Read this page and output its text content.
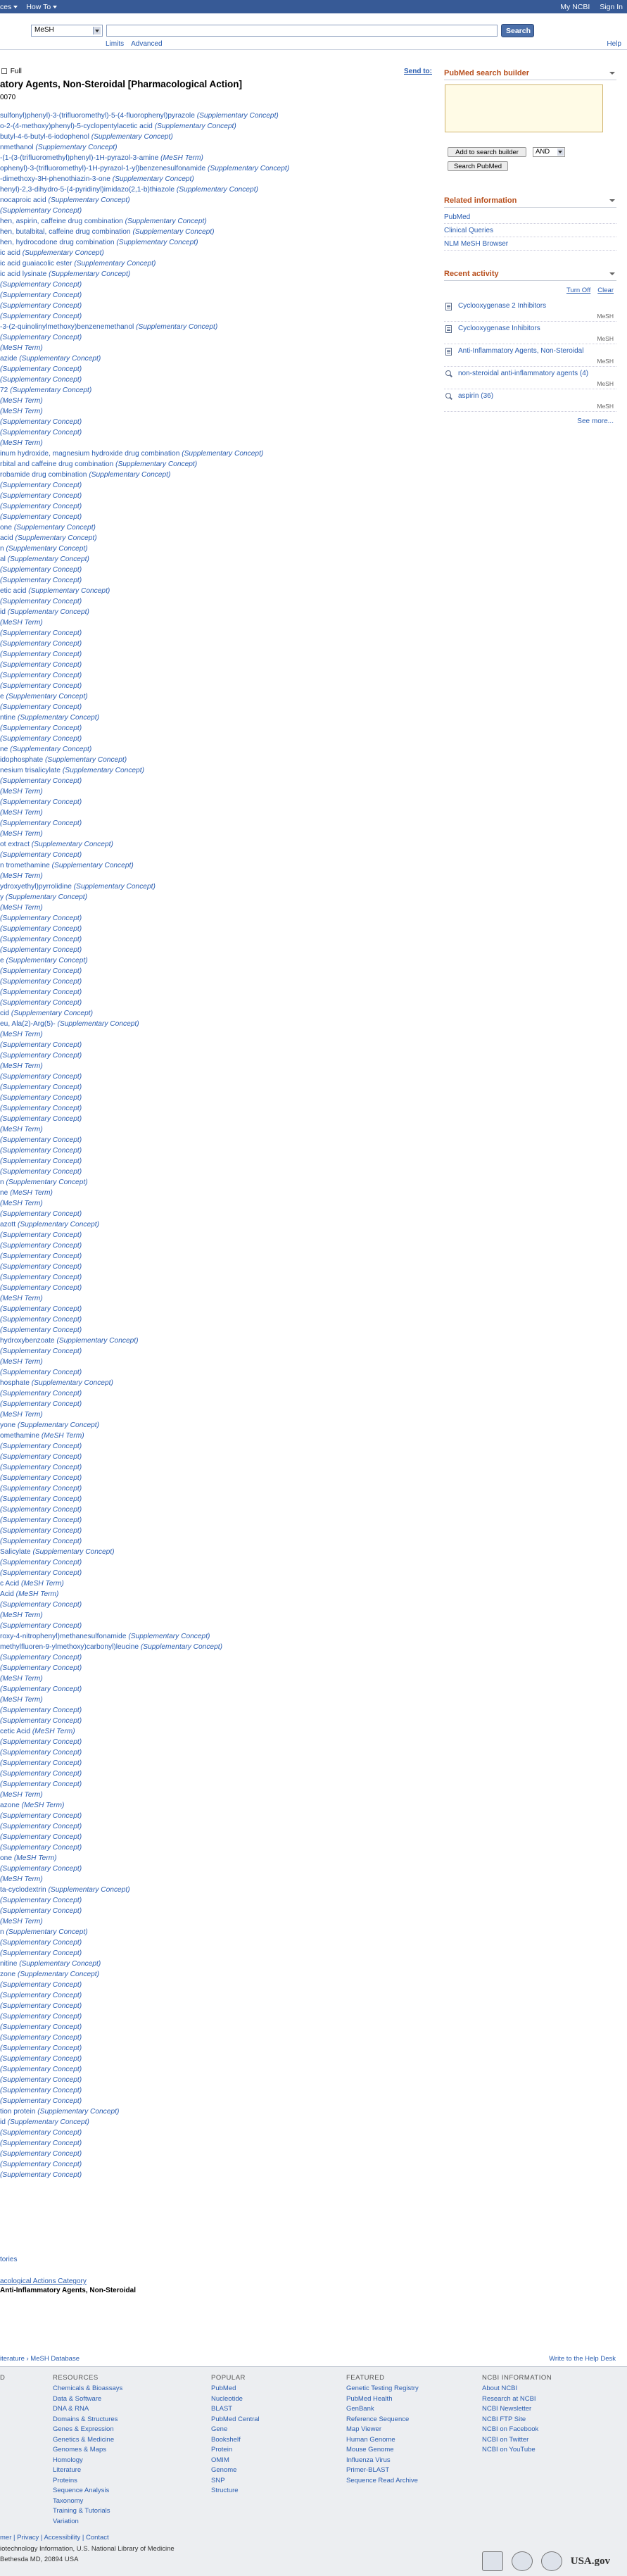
ces	How To	My NCBI Sign In
MeSH	Search
Limits Advanced	Help
Full	Send to:
atory Agents, Non-Steroidal [Pharmacological Action]
0070
sulfonyl)phenyl)-3-(trifluoromethyl)-5-(4-fluorophenyl)pyrazole (Supplementary Concept)
o-2-(4-methoxy)phenyl)-5-cyclopentylacetic acid (Supplementary Concept)
butyl-4-6-butyl-6-iodophenol (Supplementary Concept)
nmethanol (Supplementary Concept)
-(1-(3-(trifluoromethyl)phenyl)-1H-pyrazol-3-amine (MeSH Term)
ophenyl)-3-(trifluoromethyl)-1H-pyrazol-1-yl)benzenesulfonamide (Supplementary Concept)
-dimethoxy-3H-phenothiazin-3-one (Supplementary Concept)
henyl)-2,3-dihydro-5-(4-pyridinyl)imidazo(2,1-b)thiazole (Supplementary Concept)
nocaproic acid (Supplementary Concept)
(Supplementary Concept)
hen, aspirin, caffeine drug combination (Supplementary Concept)
hen, butalbital, caffeine drug combination (Supplementary Concept)
hen, hydrocodone drug combination (Supplementary Concept)
ic acid (Supplementary Concept)
ic acid guaiacolic ester (Supplementary Concept)
ic acid lysinate (Supplementary Concept)
(Supplementary Concept)
(Supplementary Concept)
(Supplementary Concept)
(Supplementary Concept)
-3-(2-quinolinylmethoxy)benzenemethanol (Supplementary Concept)
(Supplementary Concept)
(MeSH Term)
azide (Supplementary Concept)
(Supplementary Concept)
(Supplementary Concept)
72 (Supplementary Concept)
(MeSH Term)
(MeSH Term)
(Supplementary Concept)
(Supplementary Concept)
(MeSH Term)
inum hydroxide, magnesium hydroxide drug combination (Supplementary Concept)
rbital and caffeine drug combination (Supplementary Concept)
robamide drug combination (Supplementary Concept)
(Supplementary Concept)
(Supplementary Concept)
(Supplementary Concept)
(Supplementary Concept)
one (Supplementary Concept)
acid (Supplementary Concept)
n (Supplementary Concept)
al (Supplementary Concept)
(Supplementary Concept)
(Supplementary Concept)
etic acid (Supplementary Concept)
(Supplementary Concept)
id (Supplementary Concept)
(MeSH Term)
(Supplementary Concept)
(Supplementary Concept)
(Supplementary Concept)
(Supplementary Concept)
(Supplementary Concept)
(Supplementary Concept)
e (Supplementary Concept)
(Supplementary Concept)
ntine (Supplementary Concept)
(Supplementary Concept)
(Supplementary Concept)
ne (Supplementary Concept)
idophosphate (Supplementary Concept)
nesium trisalicylate (Supplementary Concept)
(Supplementary Concept)
(MeSH Term)
(Supplementary Concept)
(MeSH Term)
(Supplementary Concept)
(MeSH Term)
ot extract (Supplementary Concept)
(Supplementary Concept)
n tromethamine (Supplementary Concept)
(MeSH Term)
ydroxyethyl)pyrrolidine (Supplementary Concept)
y (Supplementary Concept)
(MeSH Term)
(Supplementary Concept)
(Supplementary Concept)
(Supplementary Concept)
(Supplementary Concept)
e (Supplementary Concept)
(Supplementary Concept)
(Supplementary Concept)
(Supplementary Concept)
(Supplementary Concept)
cid (Supplementary Concept)
eu, Ala(2)-Arg(5)- (Supplementary Concept)
(MeSH Term)
(Supplementary Concept)
(Supplementary Concept)
(MeSH Term)
(Supplementary Concept)
(Supplementary Concept)
(Supplementary Concept)
(Supplementary Concept)
(Supplementary Concept)
(MeSH Term)
(Supplementary Concept)
(Supplementary Concept)
(Supplementary Concept)
(Supplementary Concept)
n (Supplementary Concept)
ne (MeSH Term)
(MeSH Term)
(Supplementary Concept)
azott (Supplementary Concept)
(Supplementary Concept)
(Supplementary Concept)
(Supplementary Concept)
(Supplementary Concept)
(Supplementary Concept)
(Supplementary Concept)
(MeSH Term)
(Supplementary Concept)
(Supplementary Concept)
(Supplementary Concept)
hydroxybenzoate (Supplementary Concept)
(Supplementary Concept)
(MeSH Term)
(Supplementary Concept)
hosphate (Supplementary Concept)
(Supplementary Concept)
(Supplementary Concept)
(MeSH Term)
yone (Supplementary Concept)
omethamine (MeSH Term)
(Supplementary Concept)
(Supplementary Concept)
(Supplementary Concept)
(Supplementary Concept)
(Supplementary Concept)
(Supplementary Concept)
(Supplementary Concept)
(Supplementary Concept)
(Supplementary Concept)
(Supplementary Concept)
Salicylate (Supplementary Concept)
(Supplementary Concept)
(Supplementary Concept)
c Acid (MeSH Term)
Acid (MeSH Term)
(Supplementary Concept)
(MeSH Term)
(Supplementary Concept)
roxy-4-nitrophenyl)methanesulfonamide (Supplementary Concept)
methylfluoren-9-ylmethoxy)carbonyl)leucine (Supplementary Concept)
(Supplementary Concept)
(Supplementary Concept)
(MeSH Term)
(Supplementary Concept)
(MeSH Term)
(Supplementary Concept)
(Supplementary Concept)
cetic Acid (MeSH Term)
(Supplementary Concept)
(Supplementary Concept)
(Supplementary Concept)
(Supplementary Concept)
(Supplementary Concept)
(MeSH Term)
azone (MeSH Term)
(Supplementary Concept)
(Supplementary Concept)
(Supplementary Concept)
(Supplementary Concept)
one (MeSH Term)
(Supplementary Concept)
(MeSH Term)
ta-cyclodextrin (Supplementary Concept)
(Supplementary Concept)
(Supplementary Concept)
(MeSH Term)
n (Supplementary Concept)
(Supplementary Concept)
(Supplementary Concept)
nitine (Supplementary Concept)
zone (Supplementary Concept)
(Supplementary Concept)
(Supplementary Concept)
(Supplementary Concept)
(Supplementary Concept)
(Supplementary Concept)
(Supplementary Concept)
(Supplementary Concept)
(Supplementary Concept)
(Supplementary Concept)
(Supplementary Concept)
(Supplementary Concept)
(Supplementary Concept)
tion protein (Supplementary Concept)
id (Supplementary Concept)
(Supplementary Concept)
(Supplementary Concept)
(Supplementary Concept)
(Supplementary Concept)
(Supplementary Concept)
tories
acological Actions Category
Anti-Inflammatory Agents, Non-Steroidal
PubMed search builder
Add to search builder	AND
Search PubMed
Related information
PubMed
Clinical Queries
NLM MeSH Browser
Recent activity
Turn Off Clear
Cyclooxygenase 2 Inhibitors
MeSH
Cyclooxygenase Inhibitors
MeSH
Anti-Inflammatory Agents, Non-Steroidal
MeSH
non-steroidal anti-inflammatory agents (4)
MeSH
aspirin (36)
MeSH
See more...
iterature › MeSH Database	Write to the Help Desk
D	RESOURCES
Chemicals & Bioassays
Data & Software
DNA & RNA
Domains & Structures
Genes & Expression
Genetics & Medicine
Genomes & Maps
Homology
Literature
Proteins
Sequence Analysis
Taxonomy
Training & Tutorials
Variation
POPULAR
PubMed
Nucleotide
BLAST
PubMed Central
Gene
Bookshelf
Protein
OMIM
Genome
SNP
Structure
FEATURED
Genetic Testing Registry
PubMed Health
GenBank
Reference Sequence
Map Viewer
Human Genome
Mouse Genome
Influenza Virus
Primer-BLAST
Sequence Read Archive
NCBI INFORMATION
About NCBI
Research at NCBI
NCBI Newsletter
NCBI FTP Site
NCBI on Facebook
NCBI on Twitter
NCBI on YouTube
mer | Privacy | Accessibility | Contact
iotechnology Information, U.S. National Library of Medicine
Bethesda MD, 20894 USA	USA.gov
